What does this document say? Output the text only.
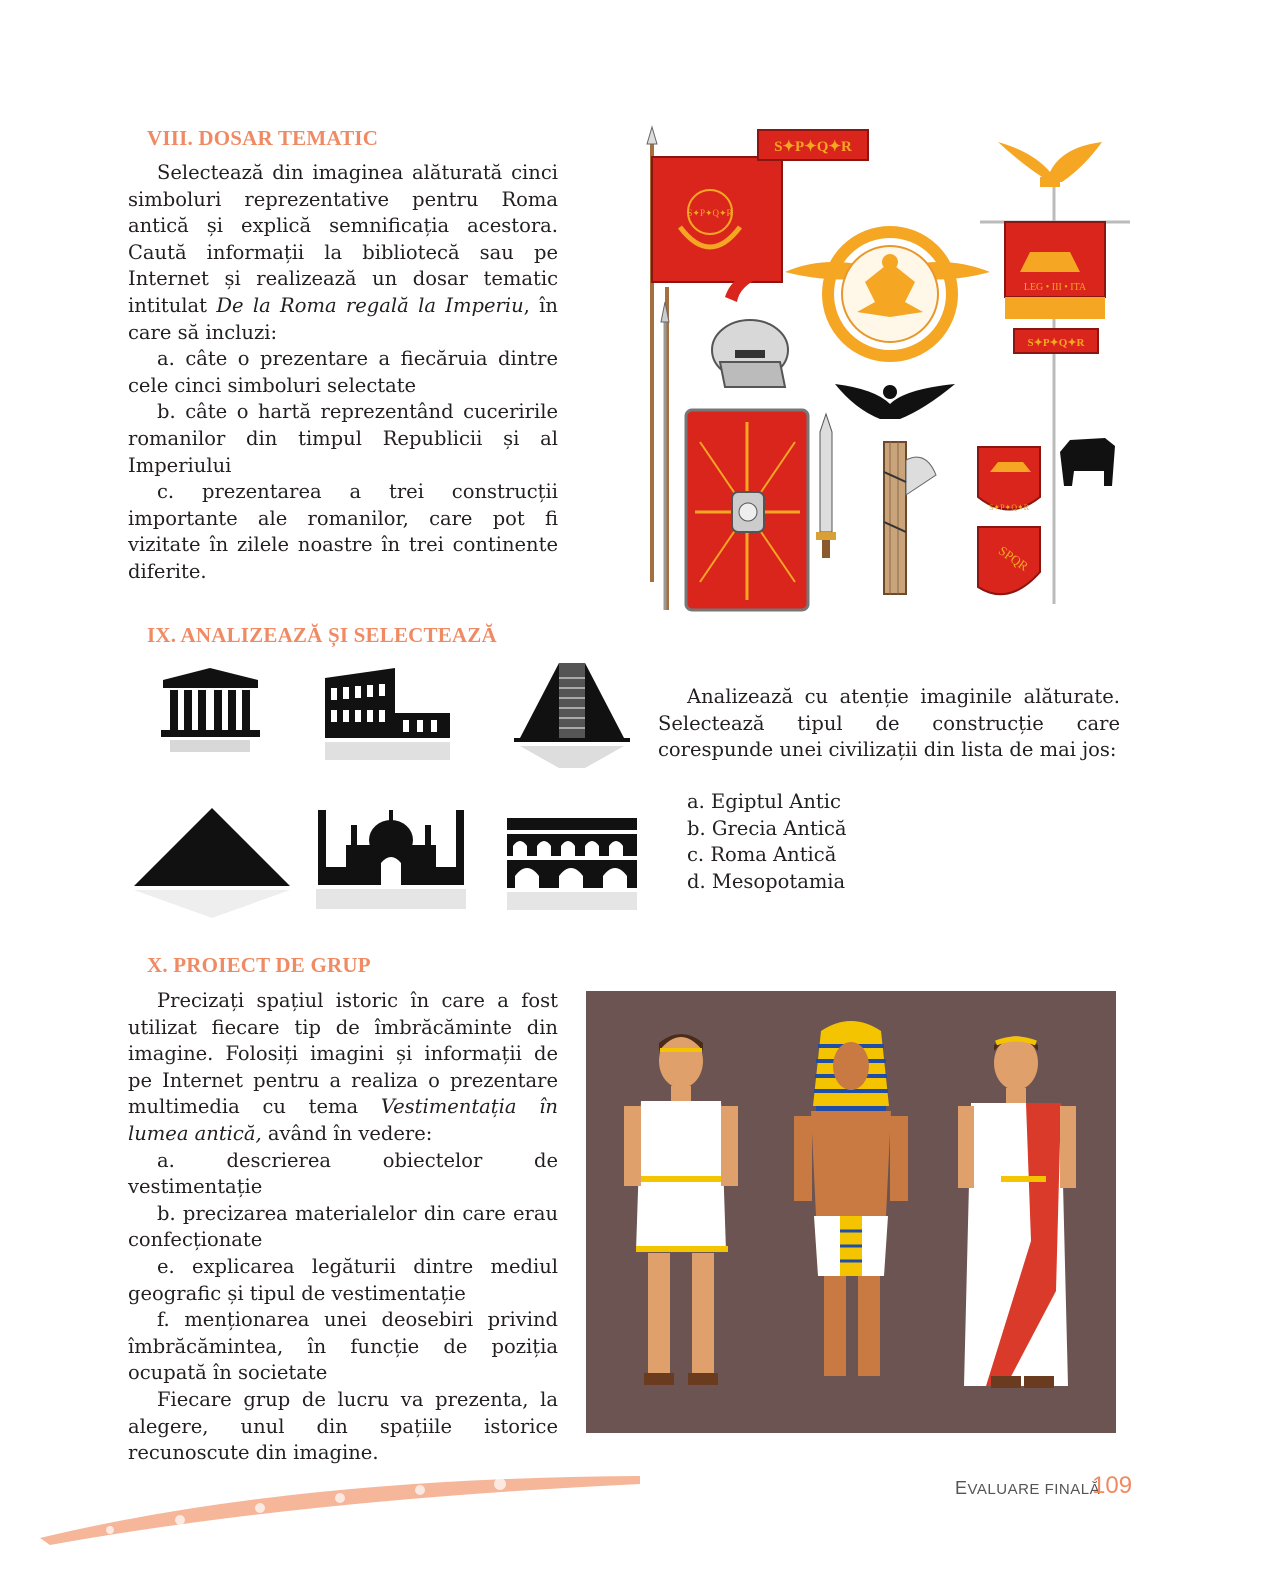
VIII. DOSAR TEMATIC

Selectează din imaginea alăturată cinci simboluri reprezentative pentru Roma antică și explică semnificația acestora. Caută informații la bibliotecă sau pe Internet și realizează un dosar tematic intitulat De la Roma regală la Imperiu, în care să incluzi:

a. câte o prezentare a fiecăruia dintre cele cinci simboluri selectate

b. câte o hartă reprezentând cuceririle romanilor din timpul Republicii și al Imperiului

c. prezentarea a trei construcții importante ale romanilor, care pot fi vizitate în zilele noastre în trei continente diferite.

S✦P✦Q✦R
S✦P✦Q✦R
LEG • III • ITA
S✦P✦Q✦R
S✦P✦Q✦R
SPQR
IX. ANALIZEAZĂ ȘI SELECTEAZĂ

Analizează cu atenție imaginile alăturate. Selectează tipul de construcție care corespunde unei civilizații din lista de mai jos:

a. Egiptul Antic

b. Grecia Antică

c. Roma Antică

d. Mesopotamia

X. PROIECT DE GRUP

Precizați spațiul istoric în care a fost utilizat fiecare tip de îmbrăcăminte din imagine. Folosiți imagini și informații de pe Internet pentru a realiza o prezentare multimedia cu tema Vestimentația în lumea antică, având în vedere:

a. descrierea obiectelor de vestimentație

b. precizarea materialelor din care erau confecționate

e. explicarea legăturii dintre mediul geografic și tipul de vestimentație

f. menționarea unei deosebiri privind îmbrăcămintea, în funcție de poziția ocupată în societate

Fiecare grup de lucru va prezenta, la alegere, unul din spațiile istorice recunoscute din imagine.

EVALUARE FINALĂ
109
